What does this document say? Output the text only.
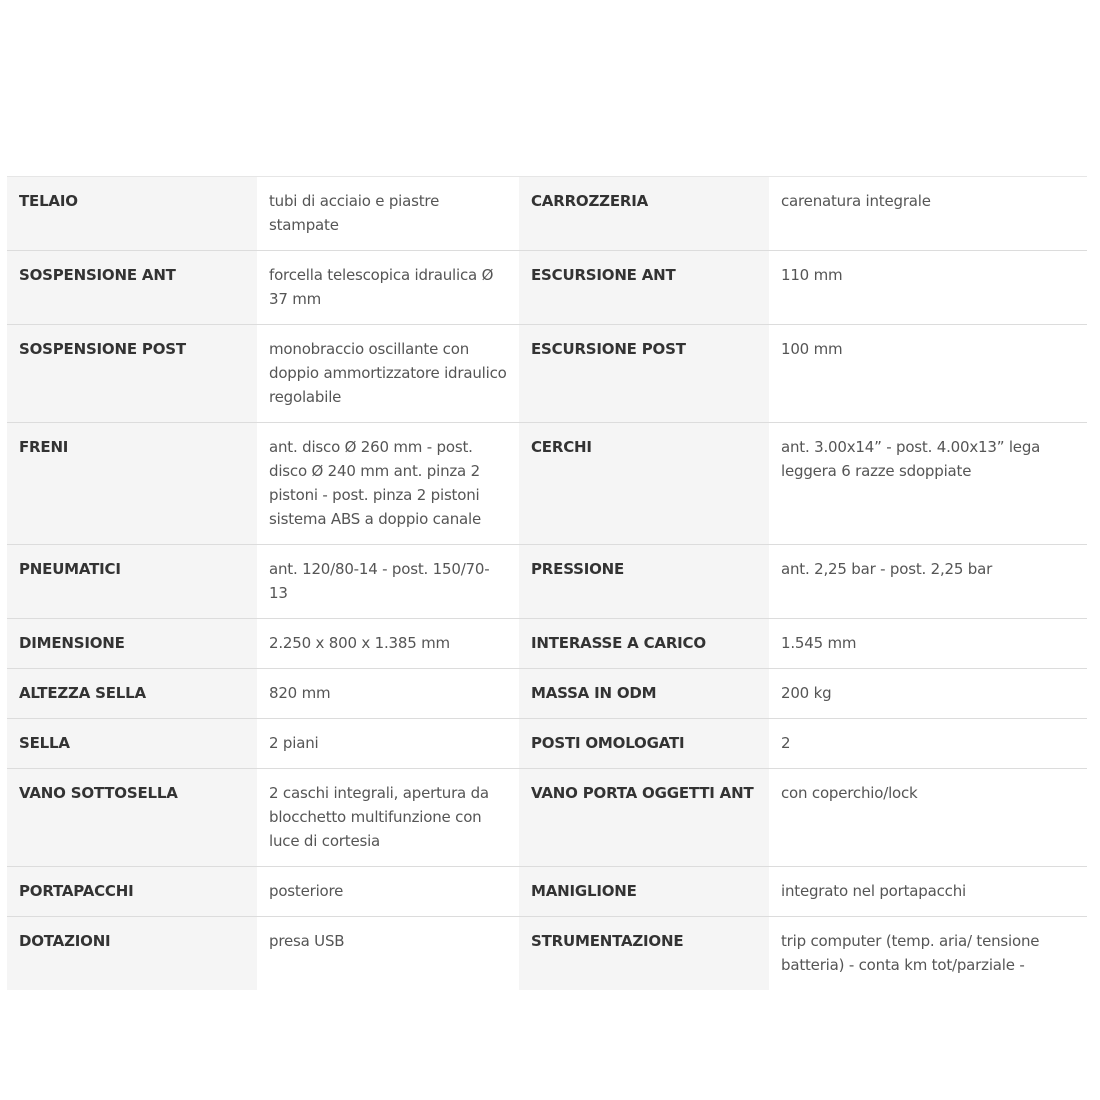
TELAIO	tubi di acciaio e piastre stampate	CARROZZERIA	carenatura integrale
SOSPENSIONE ANT	forcella telescopica idraulica Ø 37 mm	ESCURSIONE ANT	110 mm
SOSPENSIONE POST	monobraccio oscillante con doppio ammortizzatore idraulico regolabile	ESCURSIONE POST	100 mm
FRENI	ant. disco Ø 260 mm - post. disco Ø 240 mm ant. pinza 2 pistoni - post. pinza 2 pistoni sistema ABS a doppio canale	CERCHI	ant. 3.00x14” - post. 4.00x13” lega leggera 6 razze sdoppiate
PNEUMATICI	ant. 120/80-14 - post. 150/70-13	PRESSIONE	ant. 2,25 bar - post. 2,25 bar
DIMENSIONE	2.250 x 800 x 1.385 mm	INTERASSE A CARICO	1.545 mm
ALTEZZA SELLA	820 mm	MASSA IN ODM	200 kg
SELLA	2 piani	POSTI OMOLOGATI	2
VANO SOTTOSELLA	2 caschi integrali, apertura da blocchetto multifunzione con luce di cortesia	VANO PORTA OGGETTI ANT	con coperchio/lock
PORTAPACCHI	posteriore	MANIGLIONE	integrato nel portapacchi
DOTAZIONI	presa USB	STRUMENTAZIONE	trip computer (temp. aria/ tensione batteria) - conta km tot/parziale -
